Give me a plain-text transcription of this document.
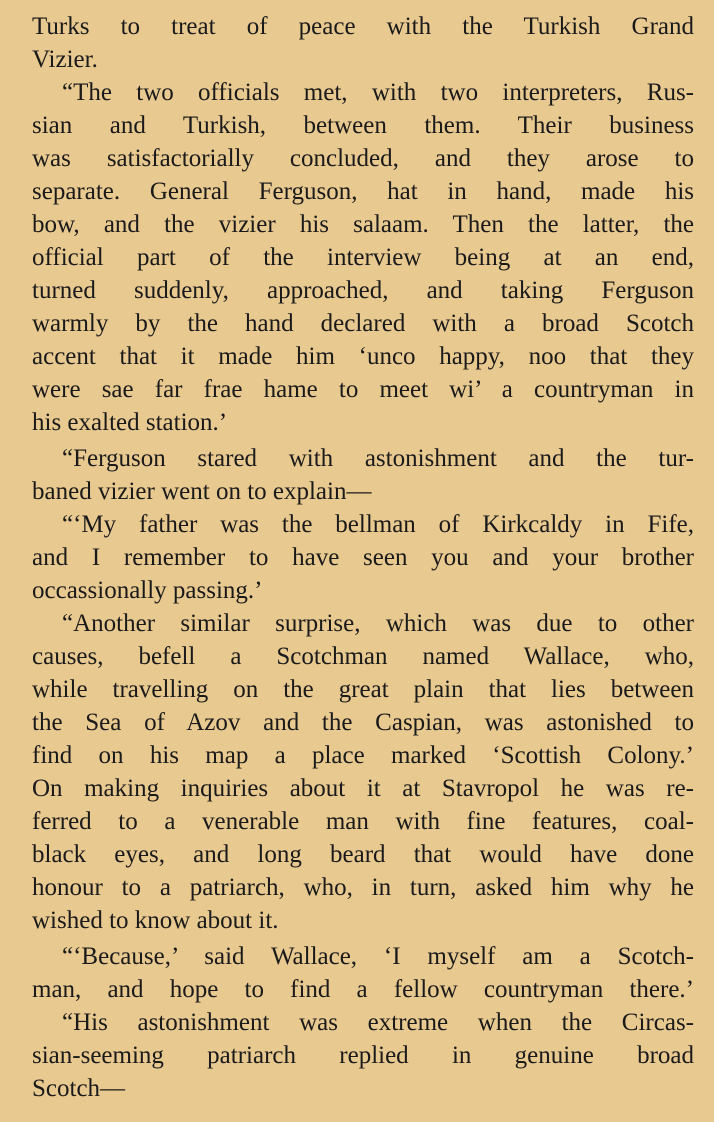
Turks to treat of peace with the Turkish Grand
Vizier.
“The two officials met, with two interpreters, Rus-
sian and Turkish, between them. Their business
was satisfactorially concluded, and they arose to
separate. General Ferguson, hat in hand, made his
bow, and the vizier his salaam. Then the latter, the
official part of the interview being at an end,
turned suddenly, approached, and taking Ferguson
warmly by the hand declared with a broad Scotch
accent that it made him ‘unco happy, noo that they
were sae far frae hame to meet wi’ a countryman in
his exalted station.’
“Ferguson stared with astonishment and the tur-
baned vizier went on to explain—
“‘My father was the bellman of Kirkcaldy in Fife,
and I remember to have seen you and your brother
occassionally passing.’
“Another similar surprise, which was due to other
causes, befell a Scotchman named Wallace, who,
while travelling on the great plain that lies between
the Sea of Azov and the Caspian, was astonished to
find on his map a place marked ‘Scottish Colony.’
On making inquiries about it at Stavropol he was re-
ferred to a venerable man with fine features, coal-
black eyes, and long beard that would have done
honour to a patriarch, who, in turn, asked him why he
wished to know about it.
“‘Because,’ said Wallace, ‘I myself am a Scotch-
man, and hope to find a fellow countryman there.’
“His astonishment was extreme when the Circas-
sian-seeming patriarch replied in genuine broad
Scotch—
